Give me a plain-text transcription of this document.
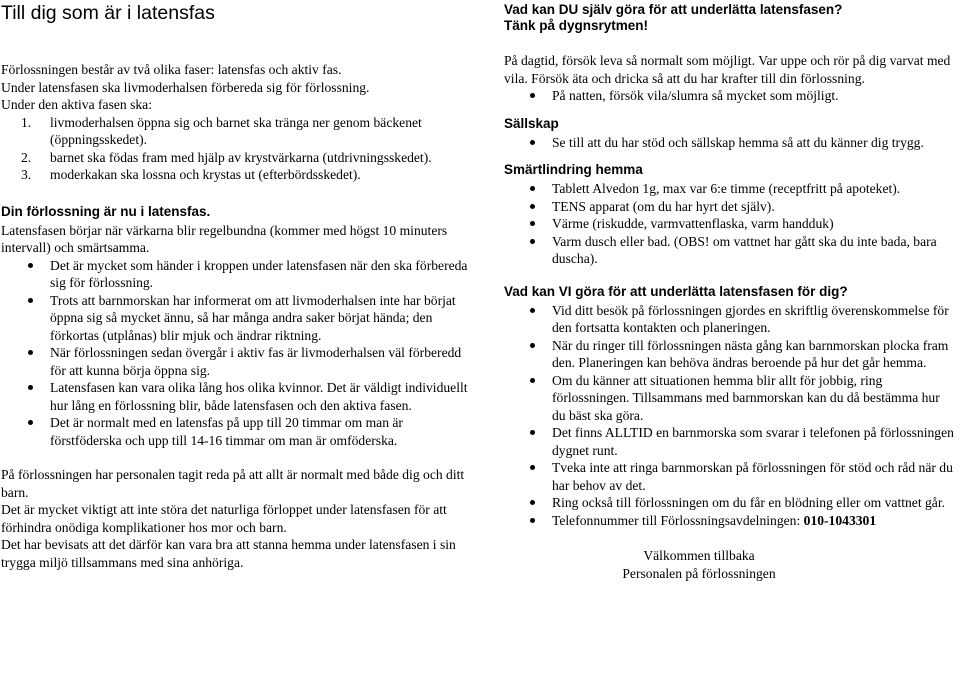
Till dig som är i latensfas

Förlossningen består av två olika faser: latensfas och aktiv fas.

Under latensfasen ska livmoderhalsen förbereda sig för förlossning.

Under den aktiva fasen ska:

1. livmoderhalsen öppna sig och barnet ska tränga ner genom bäckenet (öppningsskedet).
2. barnet ska födas fram med hjälp av krystvärkarna (utdrivningsskedet).
3. moderkakan ska lossna och krystas ut (efterbördsskedet).
Din förlossning är nu i latensfas.

Latensfasen börjar när värkarna blir regelbundna (kommer med högst 10 minuters intervall) och smärtsamma.

Det är mycket som händer i kroppen under latensfasen när den ska förbereda sig för förlossning.
Trots att barnmorskan har informerat om att livmoderhalsen inte har börjat öppna sig så mycket ännu, så har många andra saker börjat hända; den förkortas (utplånas) blir mjuk och ändrar riktning.
När förlossningen sedan övergår i aktiv fas är livmoderhalsen väl förberedd för att kunna börja öppna sig.
Latensfasen kan vara olika lång hos olika kvinnor. Det är väldigt individuellt hur lång en förlossning blir, både latensfasen och den aktiva fasen.
Det är normalt med en latensfas på upp till 20 timmar om man är förstföderska och upp till 14-16 timmar om man är omföderska.

På förlossningen har personalen tagit reda på att allt är normalt med både dig och ditt barn.

Det är mycket viktigt att inte störa det naturliga förloppet under latensfasen för att förhindra onödiga komplikationer hos mor och barn.

Det har bevisats att det därför kan vara bra att stanna hemma under latensfasen i sin trygga miljö tillsammans med sina anhöriga.

Vad kan DU själv göra för att underlätta latensfasen?
Tänk på dygnsrytmen!

På dagtid, försök leva så normalt som möjligt. Var uppe och rör på dig varvat med vila. Försök äta och dricka så att du har krafter till din förlossning.

På natten, försök vila/slumra så mycket som möjligt.
Sällskap
Se till att du har stöd och sällskap hemma så att du känner dig trygg.
Smärtlindring hemma
Tablett Alvedon 1g, max var 6:e timme (receptfritt på apoteket).
TENS apparat (om du har hyrt det själv).
Värme (riskudde, varmvattenflaska, varm handduk)
Varm dusch eller bad. (OBS! om vattnet har gått ska du inte bada, bara duscha).
Vad kan VI göra för att underlätta latensfasen för dig?
Vid ditt besök på förlossningen gjordes en skriftlig överenskommelse för den fortsatta kontakten och planeringen.
När du ringer till förlossningen nästa gång kan barnmorskan plocka fram den. Planeringen kan behöva ändras beroende på hur det går hemma.
Om du känner att situationen hemma blir allt för jobbig, ring förlossningen. Tillsammans med barnmorskan kan du då bestämma hur du bäst ska göra.
Det finns ALLTID en barnmorska som svarar i telefonen på förlossningen dygnet runt.
Tveka inte att ringa barnmorskan på förlossningen för stöd och råd när du har behov av det.
Ring också till förlossningen om du får en blödning eller om vattnet går.
Telefonnummer till Förlossningsavdelningen: 010-1043301
Välkommen tillbaka
Personalen på förlossningen
